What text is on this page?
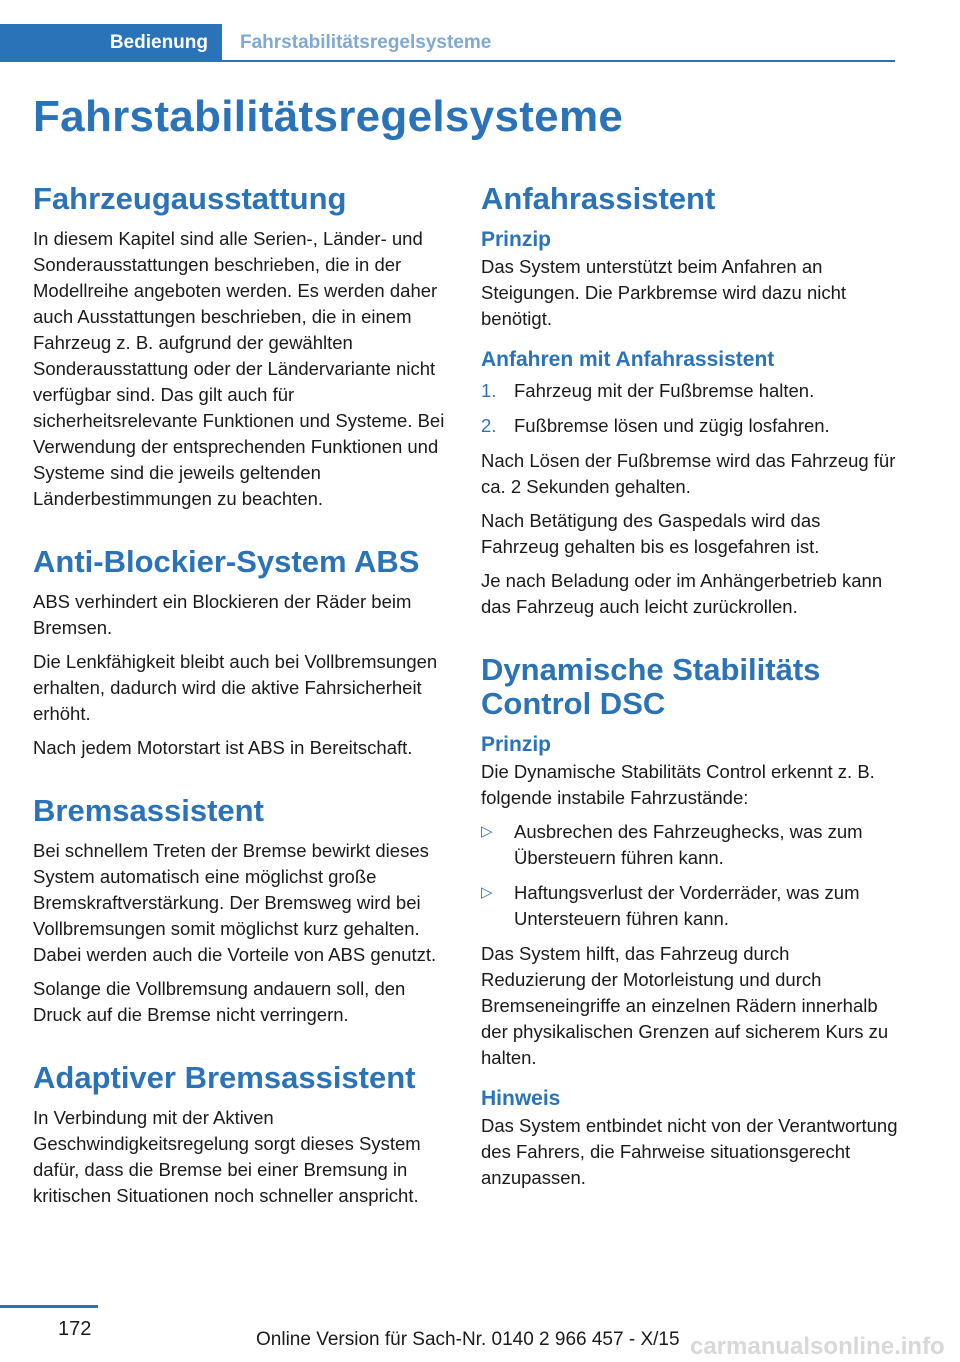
Bedienung Fahrstabilitätsregelsysteme
Fahrstabilitätsregelsysteme
Fahrzeugausstattung

In diesem Kapitel sind alle Serien-, Länder- und Sonderausstattungen beschrieben, die in der Modellreihe angeboten werden. Es werden daher auch Ausstattungen beschrieben, die in einem Fahrzeug z. B. aufgrund der gewählten Sonderausstattung oder der Ländervariante nicht verfügbar sind. Das gilt auch für sicherheitsrelevante Funktionen und Systeme. Bei Verwendung der entsprechenden Funktionen und Systeme sind die jeweils geltenden Länderbestimmungen zu beachten.

Anti-Blockier-System ABS

ABS verhindert ein Blockieren der Räder beim Bremsen.

Die Lenkfähigkeit bleibt auch bei Vollbremsungen erhalten, dadurch wird die aktive Fahrsicherheit erhöht.

Nach jedem Motorstart ist ABS in Bereitschaft.

Bremsassistent

Bei schnellem Treten der Bremse bewirkt dieses System automatisch eine möglichst große Bremskraftverstärkung. Der Bremsweg wird bei Vollbremsungen somit möglichst kurz gehalten. Dabei werden auch die Vorteile von ABS genutzt.

Solange die Vollbremsung andauern soll, den Druck auf die Bremse nicht verringern.

Adaptiver Bremsassistent

In Verbindung mit der Aktiven Geschwindigkeitsregelung sorgt dieses System dafür, dass die Bremse bei einer Bremsung in kritischen Situationen noch schneller anspricht.

Anfahrassistent
Prinzip

Das System unterstützt beim Anfahren an Steigungen. Die Parkbremse wird dazu nicht benötigt.

Anfahren mit Anfahrassistent
1. Fahrzeug mit der Fußbremse halten.
2. Fußbremse lösen und zügig losfahren.

Nach Lösen der Fußbremse wird das Fahrzeug für ca. 2 Sekunden gehalten.

Nach Betätigung des Gaspedals wird das Fahrzeug gehalten bis es losgefahren ist.

Je nach Beladung oder im Anhängerbetrieb kann das Fahrzeug auch leicht zurückrollen.

Dynamische Stabilitäts Control DSC
Prinzip

Die Dynamische Stabilitäts Control erkennt z. B. folgende instabile Fahrzustände:

▷	Ausbrechen des Fahrzeughecks, was zum Übersteuern führen kann.
▷	Haftungsverlust der Vorderräder, was zum Untersteuern führen kann.

Das System hilft, das Fahrzeug durch Reduzierung der Motorleistung und durch Bremseneingriffe an einzelnen Rädern innerhalb der physikalischen Grenzen auf sicherem Kurs zu halten.

Hinweis

Das System entbindet nicht von der Verantwortung des Fahrers, die Fahrweise situationsgerecht anzupassen.

172	Online Version für Sach-Nr. 0140 2 966 457 - X/15 carmanualsonline.info
